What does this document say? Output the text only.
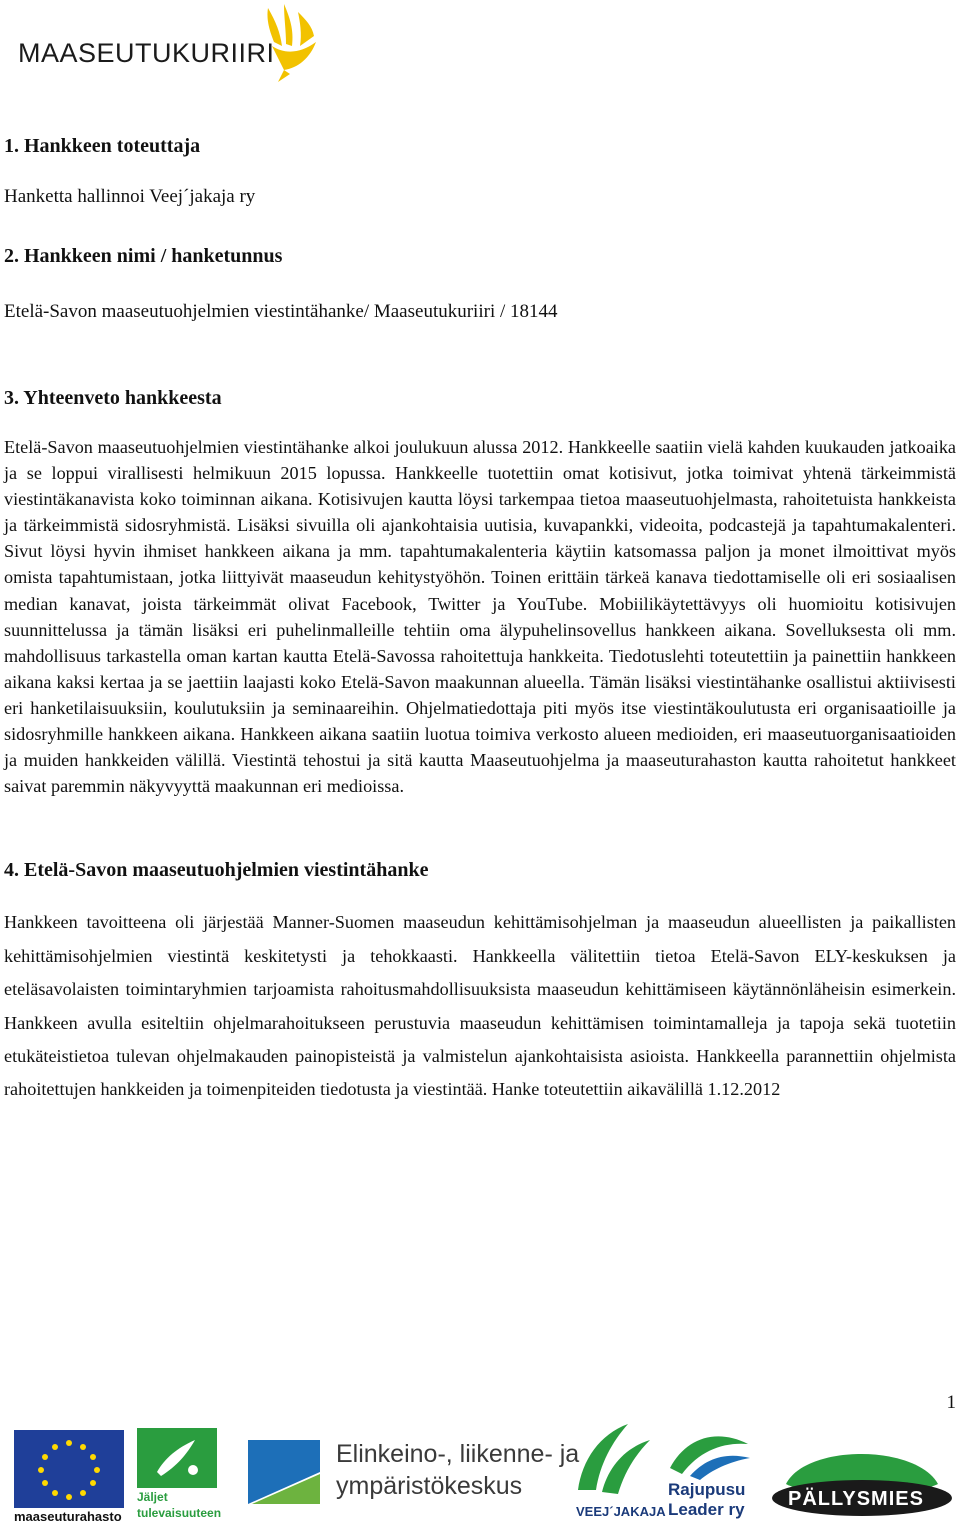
MAASEUTUKURIIRI
1. Hankkeen toteuttaja

Hanketta hallinnoi Veej´jakaja ry

2. Hankkeen nimi / hanketunnus

Etelä-Savon maaseutuohjelmien viestintähanke/ Maaseutukuriiri / 18144

3. Yhteenveto hankkeesta

Etelä-Savon maaseutuohjelmien viestintähanke alkoi joulukuun alussa 2012. Hankkeelle saatiin vielä kahden kuukauden jatkoaika ja se loppui virallisesti helmikuun 2015 lopussa. Hankkeelle tuotettiin omat kotisivut, jotka toimivat yhtenä tärkeimmistä viestintäkanavista koko toiminnan aikana. Kotisivujen kautta löysi tarkempaa tietoa maaseutuohjelmasta, rahoitetuista hankkeista ja tärkeimmistä sidosryhmistä. Lisäksi sivuilla oli ajankohtaisia uutisia, kuvapankki, videoita, podcastejä ja tapahtumakalenteri. Sivut löysi hyvin ihmiset hankkeen aikana ja mm. tapahtumakalenteria käytiin katsomassa paljon ja monet ilmoittivat myös omista tapahtumistaan, jotka liittyivät maaseudun kehitystyöhön. Toinen erittäin tärkeä kanava tiedottamiselle oli eri sosiaalisen median kanavat, joista tärkeimmät olivat Facebook, Twitter ja YouTube. Mobiilikäytettävyys oli huomioitu kotisivujen suunnittelussa ja tämän lisäksi eri puhelinmalleille tehtiin oma älypuhelinsovellus hankkeen aikana. Sovelluksesta oli mm. mahdollisuus tarkastella oman kartan kautta Etelä-Savossa rahoitettuja hankkeita. Tiedotuslehti toteutettiin ja painettiin hankkeen aikana kaksi kertaa ja se jaettiin laajasti koko Etelä-Savon maakunnan alueella. Tämän lisäksi viestintähanke osallistui aktiivisesti eri hanketilaisuuksiin, koulutuksiin ja seminaareihin. Ohjelmatiedottaja piti myös itse viestintäkoulutusta eri organisaatioille ja sidosryhmille hankkeen aikana. Hankkeen aikana saatiin luotua toimiva verkosto alueen medioiden, eri maaseutuorganisaatioiden ja muiden hankkeiden välillä. Viestintä tehostui ja sitä kautta Maaseutuohjelma ja maaseuturahaston kautta rahoitetut hankkeet saivat paremmin näkyvyyttä maakunnan eri medioissa.

4. Etelä-Savon maaseutuohjelmien viestintähanke

Hankkeen tavoitteena oli järjestää Manner-Suomen maaseudun kehittämisohjelman ja maaseudun alueellisten ja paikallisten kehittämisohjelmien viestintä keskitetysti ja tehokkaasti. Hankkeella välitettiin tietoa Etelä-Savon ELY-keskuksen ja eteläsavolaisten toimintaryhmien tarjoamista rahoitusmahdollisuuksista maaseudun kehittämiseen käytännönläheisin esimerkein. Hankkeen avulla esiteltiin ohjelmarahoitukseen perustuvia maaseudun kehittämisen toimintamalleja ja tapoja sekä tuotetiin etukäteistietoa tulevan ohjelmakauden painopisteistä ja valmistelun ajankohtaisista asioista. Hankkeella parannettiin ohjelmista rahoitettujen hankkeiden ja toimenpiteiden tiedotusta ja viestintää. Hanke toteutettiin aikavälillä 1.12.2012

1
maaseuturahasto
Jäljet
tulevaisuuteen
Elinkeino-, liikenne- ja
ympäristökeskus
VEEJ´JAKAJA
Rajupusu
Leader ry PÄLLYSMIES
